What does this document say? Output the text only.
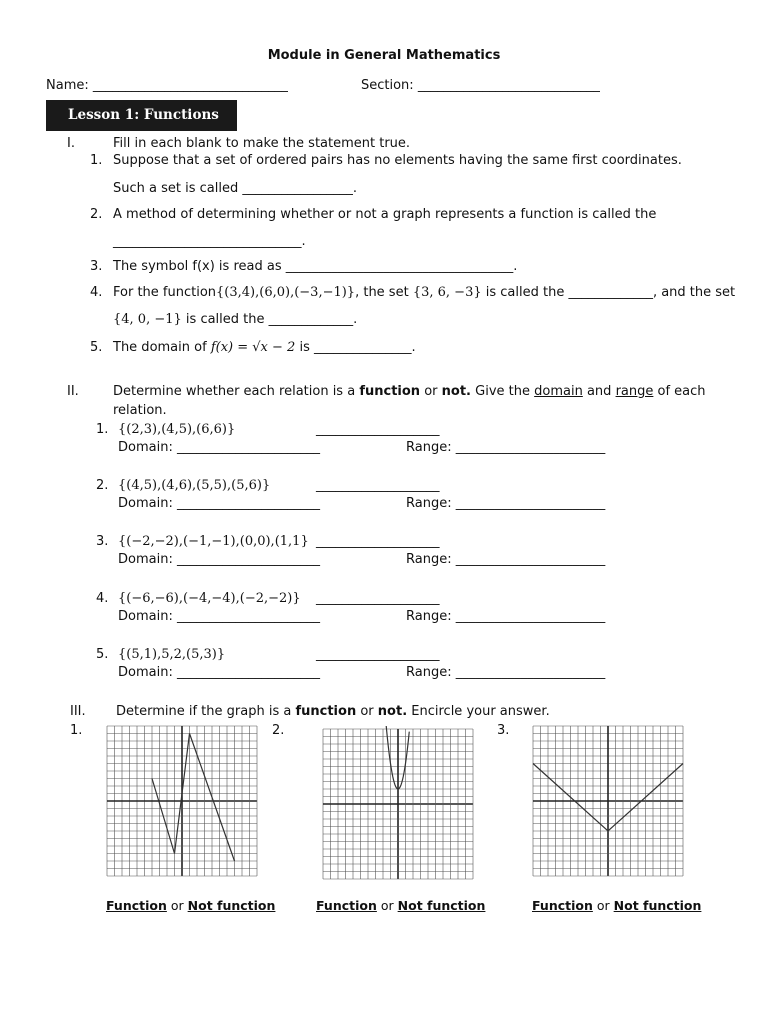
Module in General Mathematics
Name: ______________________________	Section: ____________________________
Lesson 1: Functions
I.	Fill in each blank to make the statement true.
1. Suppose that a set of ordered pairs has no elements having the same first coordinates.
Such a set is called _________________.
2. A method of determining whether or not a graph represents a function is called the
_____________________________.
3. The symbol f(x) is read as ___________________________________.
4. For the function{(3,4),(6,0),(−3,−1)}, the set {3, 6, −3} is called the _____________, and the set
{4, 0, −1} is called the _____________.
5. The domain of f(x) = √x − 2 is _______________.
II.	Determine whether each relation is a function or not. Give the domain and range of each
relation.
1. {(2,3),(4,5),(6,6)}	___________________
Domain: ______________________	Range: _______________________
2. {(4,5),(4,6),(5,5),(5,6)}	___________________
Domain: ______________________	Range: _______________________
3. {(−2,−2),(−1,−1),(0,0),(1,1} ___________________
Domain: ______________________	Range: _______________________
4. {(−6,−6),(−4,−4),(−2,−2)} ___________________
Domain: ______________________	Range: _______________________
5. {(5,1),5,2,(5,3)}	___________________
Domain: ______________________	Range: _______________________
III. Determine if the graph is a function or not. Encircle your answer.
1.	2.	3.
Function or Not function	Function or Not function	Function or Not function
